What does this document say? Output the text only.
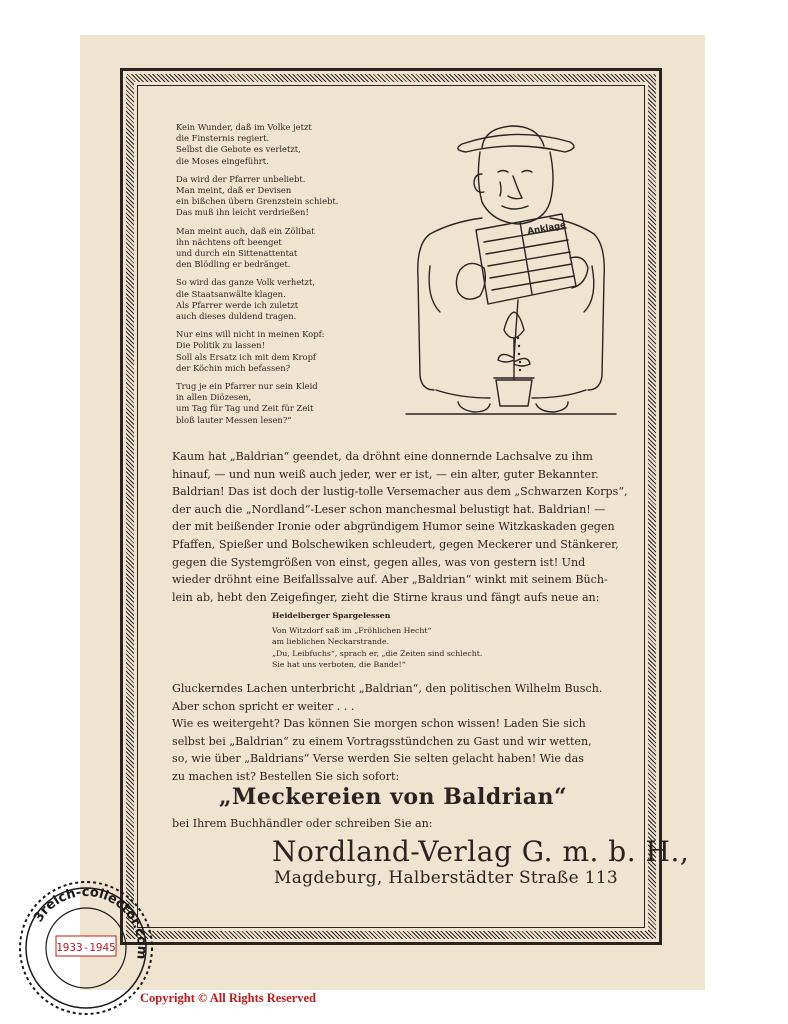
Kein Wunder, daß im Volke jetzt
die Finsternis regiert.
Selbst die Gebote es verletzt,
die Moses eingeführt.
Da wird der Pfarrer unbeliebt.
Man meint, daß er Devisen
ein bißchen übern Grenzstein schiebt.
Das muß ihn leicht verdrießen!
Man meint auch, daß ein Zölibat
ihn nächtens oft beenget
und durch ein Sittenattentat
den Blödling er bedränget.
So wird das ganze Volk verhetzt,
die Staatsanwälte klagen.
Als Pfarrer werde ich zuletzt
auch dieses duldend tragen.
Nur eins will nicht in meinen Kopf:
Die Politik zu lassen!
Soll als Ersatz ich mit dem Kropf
der Köchin mich befassen?
Trug je ein Pfarrer nur sein Kleid
in allen Diözesen,
um Tag für Tag und Zeit für Zeit
bloß lauter Messen lesen?“
Anklage
Kaum hat „Baldrian“ geendet, da dröhnt eine donnernde Lachsalve zu ihm
hinauf, — und nun weiß auch jeder, wer er ist, — ein alter, guter Bekannter.
Baldrian! Das ist doch der lustig-tolle Versemacher aus dem „Schwarzen Korps“,
der auch die „Nordland“-Leser schon manchesmal belustigt hat. Baldrian! —
der mit beißender Ironie oder abgründigem Humor seine Witzkaskaden gegen
Pfaffen, Spießer und Bolschewiken schleudert, gegen Meckerer und Stänkerer,
gegen die Systemgrößen von einst, gegen alles, was von gestern ist! Und
wieder dröhnt eine Beifallssalve auf. Aber „Baldrian“ winkt mit seinem Büch-
lein ab, hebt den Zeigefinger, zieht die Stirne kraus und fängt aufs neue an:
Heidelberger Spargelessen
Von Witzdorf saß im „Fröhlichen Hecht“
am lieblichen Neckarstrande.
„Du, Leibfuchs“, sprach er, „die Zeiten sind schlecht.
Sie hat uns verboten, die Bande!“
Gluckerndes Lachen unterbricht „Baldrian“, den politischen Wilhelm Busch.
Aber schon spricht er weiter . . .
Wie es weitergeht? Das können Sie morgen schon wissen! Laden Sie sich
selbst bei „Baldrian“ zu einem Vortragsstündchen zu Gast und wir wetten,
so, wie über „Baldrians“ Verse werden Sie selten gelacht haben! Wie das
zu machen ist? Bestellen Sie sich sofort:
„Meckereien von Baldrian“
bei Ihrem Buchhändler oder schreiben Sie an:
Nordland-Verlag G. m. b. H.,
Magdeburg, Halberstädter Straße 113
3reich-collector.com
1933-1945
Copyright © All Rights Reserved
